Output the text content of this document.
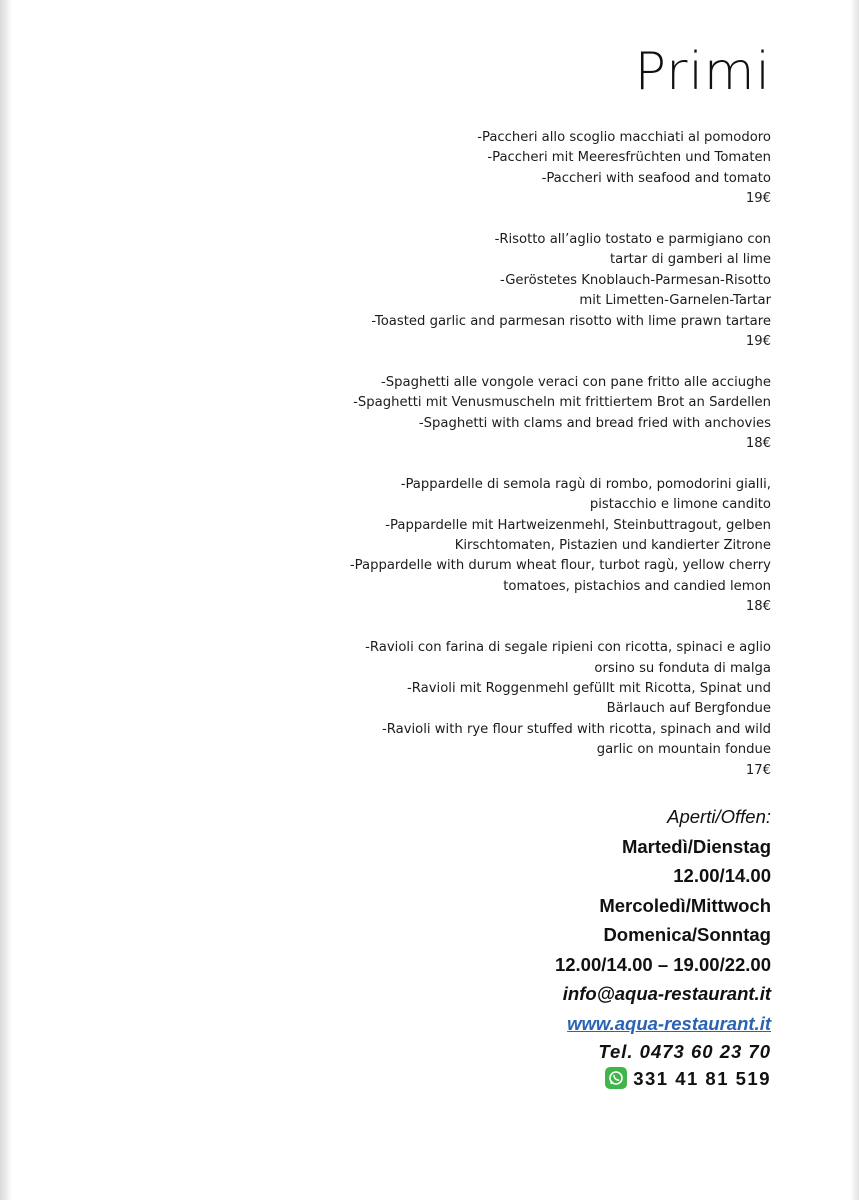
Primi
-Paccheri allo scoglio macchiati al pomodoro
-Paccheri mit Meeresfrüchten und Tomaten
-Paccheri with seafood and tomato
19€
-Risotto all’aglio tostato e parmigiano con
tartar di gamberi al lime
-Geröstetes Knoblauch-Parmesan-Risotto
mit Limetten-Garnelen-Tartar
-Toasted garlic and parmesan risotto with lime prawn tartare
19€
-Spaghetti alle vongole veraci con pane fritto alle acciughe
-Spaghetti mit Venusmuscheln mit frittiertem Brot an Sardellen
-Spaghetti with clams and bread fried with anchovies
18€
-Pappardelle di semola ragù di rombo, pomodorini gialli,
pistacchio e limone candito
-Pappardelle mit Hartweizenmehl, Steinbuttragout, gelben
Kirschtomaten, Pistazien und kandierter Zitrone
-Pappardelle with durum wheat flour, turbot ragù, yellow cherry
tomatoes, pistachios and candied lemon
18€
-Ravioli con farina di segale ripieni con ricotta, spinaci e aglio
orsino su fonduta di malga
-Ravioli mit Roggenmehl gefüllt mit Ricotta, Spinat und
Bärlauch auf Bergfondue
-Ravioli with rye flour stuffed with ricotta, spinach and wild
garlic on mountain fondue
17€
Aperti/Offen:
Martedì/Dienstag
12.00/14.00
Mercoledì/Mittwoch
Domenica/Sonntag
12.00/14.00 – 19.00/22.00
info@aqua-restaurant.it
www.aqua-restaurant.it
Tel. 0473 60 23 70
331 41 81 519
